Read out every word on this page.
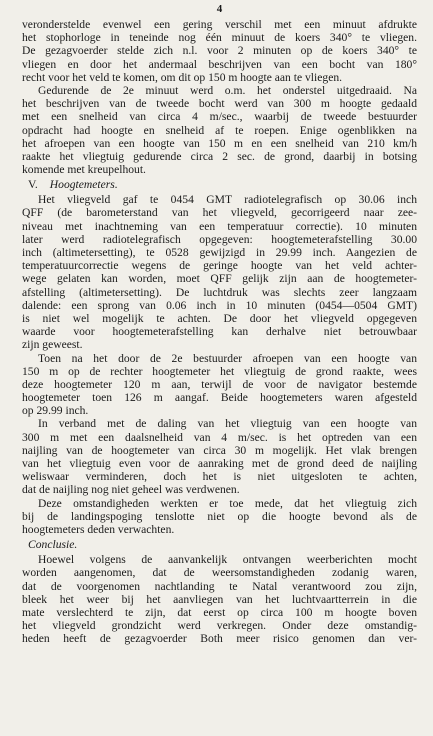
4
veronderstelde evenwel een gering verschil met een minuut afdrukte
het stophorloge in teneinde nog één minuut de koers 340° te vliegen.
De gezagvoerder stelde zich n.l. voor 2 minuten op de koers 340° te
vliegen en door het andermaal beschrijven van een bocht van 180°
recht voor het veld te komen, om dit op 150 m hoogte aan te vliegen.
Gedurende de 2e minuut werd o.m. het onderstel uitgedraaid. Na
het beschrijven van de tweede bocht werd van 300 m hoogte gedaald
met een snelheid van circa 4 m/sec., waarbij de tweede bestuurder
opdracht had hoogte en snelheid af te roepen. Enige ogenblikken na
het afroepen van een hoogte van 150 m en een snelheid van 210 km/h
raakte het vliegtuig gedurende circa 2 sec. de grond, daarbij in botsing
komende met kreupelhout.
V. Hoogtemeters.
Het vliegveld gaf te 0454 GMT radiotelegrafisch op 30.06 inch
QFF (de barometerstand van het vliegveld, gecorrigeerd naar zee-
niveau met inachtneming van een temperatuur correctie). 10 minuten
later werd radiotelegrafisch opgegeven: hoogtemeterafstelling 30.00
inch (altimetersetting), te 0528 gewijzigd in 29.99 inch. Aangezien de
temperatuurcorrectie wegens de geringe hoogte van het veld achter-
wege gelaten kan worden, moet QFF gelijk zijn aan de hoogtemeter-
afstelling (altimetersetting). De luchtdruk was slechts zeer langzaam
dalende: een sprong van 0.06 inch in 10 minuten (0454—0504 GMT)
is niet wel mogelijk te achten. De door het vliegveld opgegeven
waarde voor hoogtemeterafstelling kan derhalve niet betrouwbaar
zijn geweest.
Toen na het door de 2e bestuurder afroepen van een hoogte van
150 m op de rechter hoogtemeter het vliegtuig de grond raakte, wees
deze hoogtemeter 120 m aan, terwijl de voor de navigator bestemde
hoogtemeter toen 126 m aangaf. Beide hoogtemeters waren afgesteld
op 29.99 inch.
In verband met de daling van het vliegtuig van een hoogte van
300 m met een daalsnelheid van 4 m/sec. is het optreden van een
naijling van de hoogtemeter van circa 30 m mogelijk. Het vlak brengen
van het vliegtuig even voor de aanraking met de grond deed de naijling
weliswaar verminderen, doch het is niet uitgesloten te achten,
dat de naijling nog niet geheel was verdwenen.
Deze omstandigheden werkten er toe mede, dat het vliegtuig zich
bij de landingspoging tenslotte niet op die hoogte bevond als de
hoogtemeters deden verwachten.
Conclusie.
Hoewel volgens de aanvankelijk ontvangen weerberichten mocht
worden aangenomen, dat de weersomstandigheden zodanig waren,
dat de voorgenomen nachtlanding te Natal verantwoord zou zijn,
bleek het weer bij het aanvliegen van het luchtvaartterrein in die
mate verslechterd te zijn, dat eerst op circa 100 m hoogte boven
het vliegveld grondzicht werd verkregen. Onder deze omstandig-
heden heeft de gezagvoerder Both meer risico genomen dan ver-
